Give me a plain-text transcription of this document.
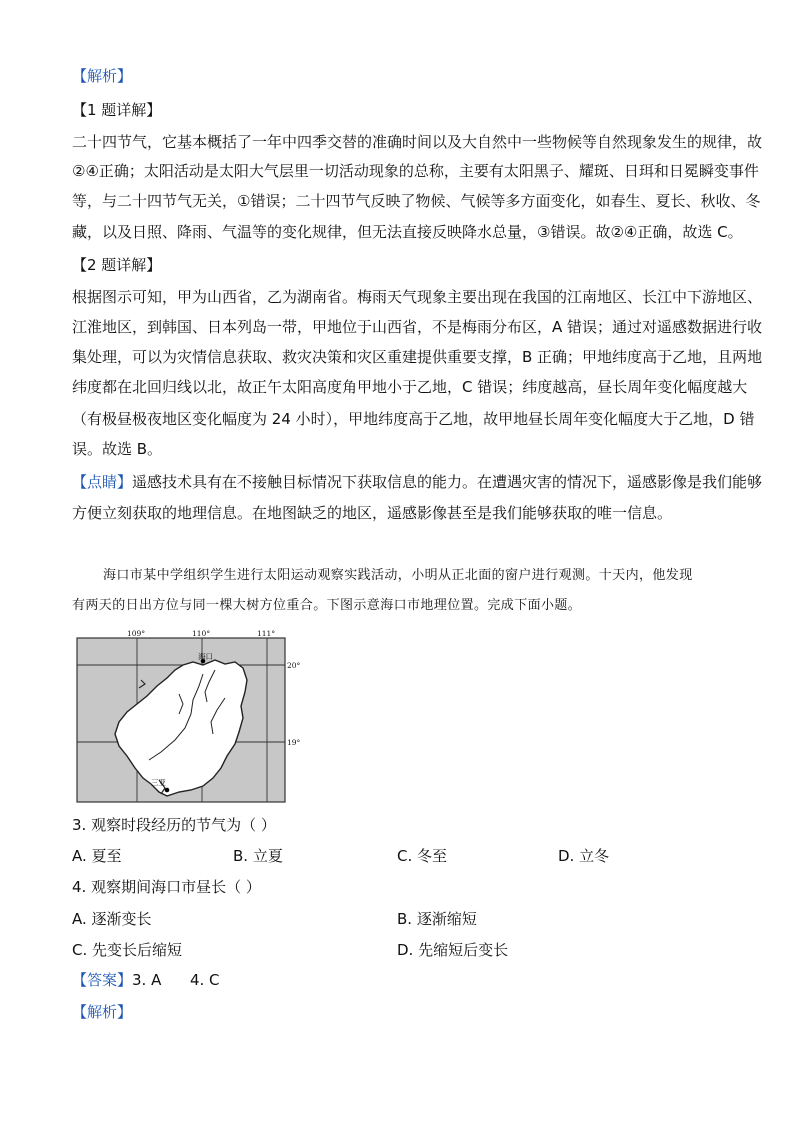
【解析】
【1 题详解】
二十四节气，它基本概括了一年中四季交替的准确时间以及大自然中一些物候等自然现象发生的规律，故
②④正确；太阳活动是太阳大气层里一切活动现象的总称，主要有太阳黑子、耀斑、日珥和日冕瞬变事件
等，与二十四节气无关，①错误；二十四节气反映了物候、气候等多方面变化，如春生、夏长、秋收、冬
藏，以及日照、降雨、气温等的变化规律，但无法直接反映降水总量，③错误。故②④正确，故选 C。
【2 题详解】
根据图示可知，甲为山西省，乙为湖南省。梅雨天气现象主要出现在我国的江南地区、长江中下游地区、
江淮地区，到韩国、日本列岛一带，甲地位于山西省，不是梅雨分布区，A 错误；通过对遥感数据进行收
集处理，可以为灾情信息获取、救灾决策和灾区重建提供重要支撑，B 正确；甲地纬度高于乙地，且两地
纬度都在北回归线以北，故正午太阳高度角甲地小于乙地，C 错误；纬度越高，昼长周年变化幅度越大
（有极昼极夜地区变化幅度为 24 小时），甲地纬度高于乙地，故甲地昼长周年变化幅度大于乙地，D 错
误。故选 B。
【点睛】遥感技术具有在不接触目标情况下获取信息的能力。在遭遇灾害的情况下，遥感影像是我们能够
方便立刻获取的地理信息。在地图缺乏的地区，遥感影像甚至是我们能够获取的唯一信息。
海口市某中学组织学生进行太阳运动观察实践活动，小明从正北面的窗户进行观测。十天内，他发现
有两天的日出方位与同一棵大树方位重合。下图示意海口市地理位置。完成下面小题。
海口
三亚
109°	110°	111°
20°
19°
3. 观察时段经历的节气为（ ）
A. 夏至	B. 立夏	C. 冬至	D. 立冬
4. 观察期间海口市昼长（ ）
A. 逐渐变长	B. 逐渐缩短
C. 先变长后缩短	D. 先缩短后变长
【答案】3. A      4. C
【解析】
